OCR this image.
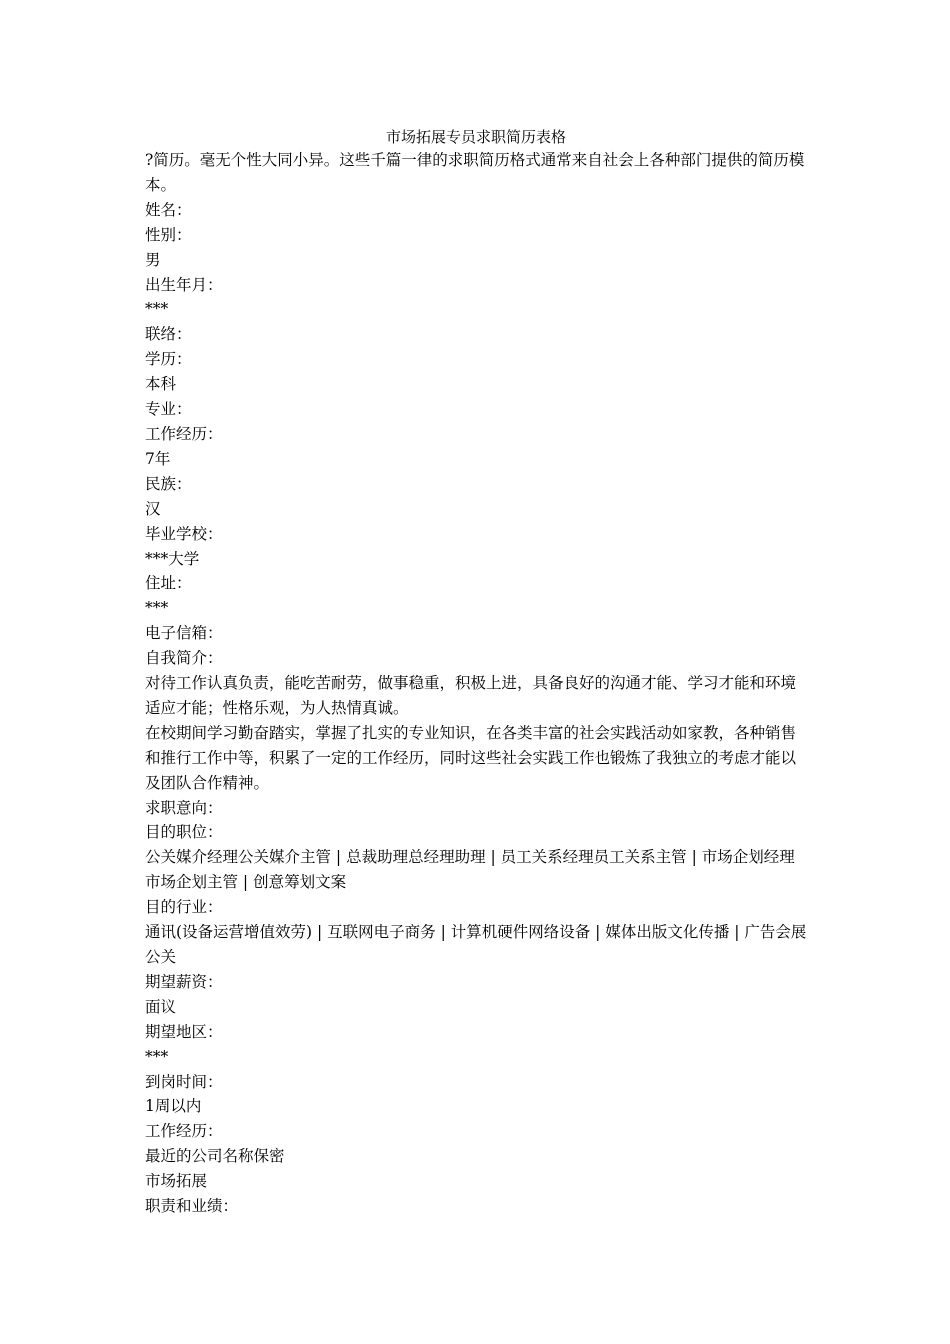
市场拓展专员求职简历表格

?简历。毫无个性大同小异。这些千篇一律的求职简历格式通常来自社会上各种部门提供的简历模本。

姓名：

性别：

男

出生年月：

***

联络：

学历：

本科

专业：

工作经历：

7年

民族：

汉

毕业学校：

***大学

住址：

***

电子信箱：

自我简介：

对待工作认真负责，能吃苦耐劳，做事稳重，积极上进，具备良好的沟通才能、学习才能和环境适应才能；性格乐观，为人热情真诚。

在校期间学习勤奋踏实，掌握了扎实的专业知识，在各类丰富的社会实践活动如家教，各种销售和推行工作中等，积累了一定的工作经历，同时这些社会实践工作也锻炼了我独立的考虑才能以及团队合作精神。

求职意向：

目的职位：

公关媒介经理公关媒介主管 | 总裁助理总经理助理 | 员工关系经理员工关系主管 | 市场企划经理市场企划主管 | 创意筹划文案

目的行业：

通讯(设备运营增值效劳) | 互联网电子商务 | 计算机硬件网络设备 | 媒体出版文化传播 | 广告会展公关

期望薪资：

面议

期望地区：

***

到岗时间：

1周以内

工作经历：

最近的公司名称保密

市场拓展

职责和业绩：
